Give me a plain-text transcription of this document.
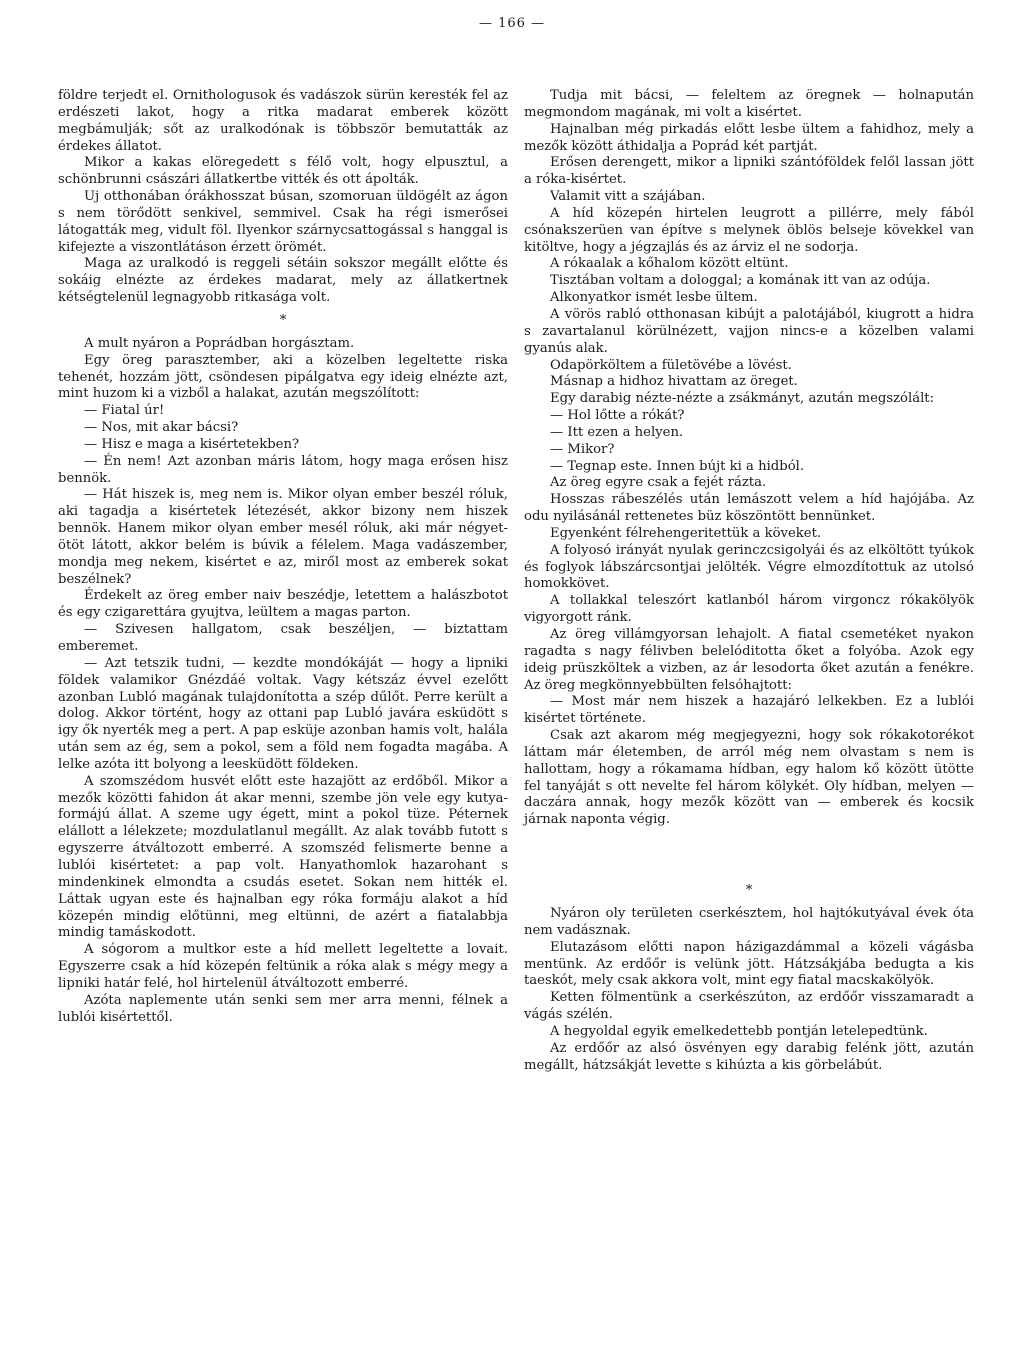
— 166 —

földre terjedt el. Ornithologusok és vadászok sürün keresték fel az erdészeti lakot, hogy a ritka madarat emberek között megbámulják; sőt az uralkodónak is többször bemutatták az érdekes állatot.

Mikor a kakas elöregedett s félő volt, hogy elpusztul, a schönbrunni császári állatkertbe vitték és ott ápolták.

Uj otthonában órákhosszat búsan, szomoruan üldögélt az ágon s nem törődött senkivel, semmivel. Csak ha régi ismerősei látogatták meg, vidult föl. Ilyenkor szárnycsattogással s hanggal is kifejezte a viszontlátáson érzett örömét.

Maga az uralkodó is reggeli sétáin sokszor megállt előtte és sokáig elnézte az érdekes madarat, mely az állatkertnek kétségtelenül legnagyobb ritkasága volt.

*

A mult nyáron a Poprádban horgásztam.

Egy öreg parasztember, aki a közelben legeltette riska tehenét, hozzám jött, csöndesen pipálgatva egy ideig elnézte azt, mint huzom ki a vizből a halakat, azután megszólított:

— Fiatal úr!

— Nos, mit akar bácsi?

— Hisz e maga a kisértetekben?

— Én nem! Azt azonban máris látom, hogy maga erősen hisz bennök.

— Hát hiszek is, meg nem is. Mikor olyan ember beszél róluk, aki tagadja a kisértetek létezését, akkor bizony nem hiszek bennök. Hanem mikor olyan ember mesél róluk, aki már négyet-ötöt látott, akkor belém is búvik a félelem. Maga vadászember, mondja meg nekem, kisértet e az, miről most az emberek sokat beszélnek?

Érdekelt az öreg ember naiv beszédje, letettem a halászbotot és egy czigarettára gyujtva, leültem a magas parton.

— Szivesen hallgatom, csak beszéljen, — biztattam emberemet.

— Azt tetszik tudni, — kezdte mondókáját — hogy a lipniki földek valamikor Gnézdáé voltak. Vagy kétszáz évvel ezelőtt azonban Lubló magának tulajdonította a szép dűlőt. Perre került a dolog. Akkor történt, hogy az ottani pap Lubló javára esküdött s igy ők nyerték meg a pert. A pap esküje azonban hamis volt, halála után sem az ég, sem a pokol, sem a föld nem fogadta magába. A lelke azóta itt bolyong a leesküdött földeken.

A szomszédom husvét előtt este hazajött az erdőből. Mikor a mezők közötti fahidon át akar menni, szembe jön vele egy kutya-formájú állat. A szeme ugy égett, mint a pokol tüze. Péternek elállott a lélekzete; mozdulatlanul megállt. Az alak tovább futott s egyszerre átváltozott emberré. A szomszéd felismerte benne a lublói kisértetet: a pap volt. Hanyathomlok hazarohant s mindenkinek elmondta a csudás esetet. Sokan nem hitték el. Láttak ugyan este és hajnalban egy róka formáju alakot a híd közepén mindig előtünni, meg eltünni, de azért a fiatalabbja mindig tamáskodott.

A sógorom a multkor este a híd mellett legeltette a lovait. Egyszerre csak a híd közepén feltünik a róka alak s mégy megy a lipniki határ felé, hol hirtelenül átváltozott emberré.

Azóta naplemente után senki sem mer arra menni, félnek a lublói kisértettől.

Tudja mit bácsi, — feleltem az öregnek — holnapután megmondom magának, mi volt a kisértet.

Hajnalban még pirkadás előtt lesbe ültem a fahidhoz, mely a mezők között áthidalja a Poprád két partját.

Erősen derengett, mikor a lipniki szántóföldek felől lassan jött a róka-kisértet.

Valamit vitt a szájában.

A híd közepén hirtelen leugrott a pillérre, mely fából csónakszerüen van építve s melynek öblös belseje kövekkel van kitöltve, hogy a jégzajlás és az árviz el ne sodorja.

A rókaalak a kőhalom között eltünt.

Tisztában voltam a dologgal; a komának itt van az odúja.

Alkonyatkor ismét lesbe ültem.

A vörös rabló otthonasan kibújt a palotájából, kiugrott a hidra s zavartalanul körülnézett, vajjon nincs-e a közelben valami gyanús alak.

Odapörköltem a fületövébe a lövést.

Másnap a hidhoz hivattam az öreget.

Egy darabig nézte-nézte a zsákmányt, azután megszólált:

— Hol lőtte a rókát?

— Itt ezen a helyen.

— Mikor?

— Tegnap este. Innen bújt ki a hidból.

Az öreg egyre csak a fejét rázta.

Hosszas rábeszélés után lemászott velem a híd hajójába. Az odu nyilásánál rettenetes büz köszöntött bennünket.

Egyenként félrehengeritettük a köveket.

A folyosó irányát nyulak gerinczcsigolyái és az elköltött tyúkok és foglyok lábszárcsontjai jelölték. Végre elmozdítottuk az utolsó homokkövet.

A tollakkal teleszórt katlanból három virgoncz rókakölyök vigyorgott ránk.

Az öreg villámgyorsan lehajolt. A fiatal csemetéket nyakon ragadta s nagy félivben belelóditotta őket a folyóba. Azok egy ideig prüszköltek a vizben, az ár lesodorta őket azután a fenékre. Az öreg megkönnyebbülten felsóhajtott:

— Most már nem hiszek a hazajáró lelkekben. Ez a lublói kisértet története.

Csak azt akarom még megjegyezni, hogy sok rókakotorékot láttam már életemben, de arról még nem olvastam s nem is hallottam, hogy a rókamama hídban, egy halom kő között ütötte fel tanyáját s ott nevelte fel három kölykét. Oly hídban, melyen — daczára annak, hogy mezők között van — emberek és kocsik járnak naponta végig.

*

Nyáron oly területen cserkésztem, hol hajtókutyával évek óta nem vadásznak.

Elutazásom előtti napon házigazdámmal a közeli vágásba mentünk. Az erdőőr is velünk jött. Hátzsákjába bedugta a kis taeskót, mely csak akkora volt, mint egy fiatal macskakölyök.

Ketten fölmentünk a cserkészúton, az erdőőr visszamaradt a vágás szélén.

A hegyoldal egyik emelkedettebb pontján letelepedtünk.

Az erdőőr az alsó ösvényen egy darabig felénk jött, azután megállt, hátzsákját levette s kihúzta a kis görbelábút.
